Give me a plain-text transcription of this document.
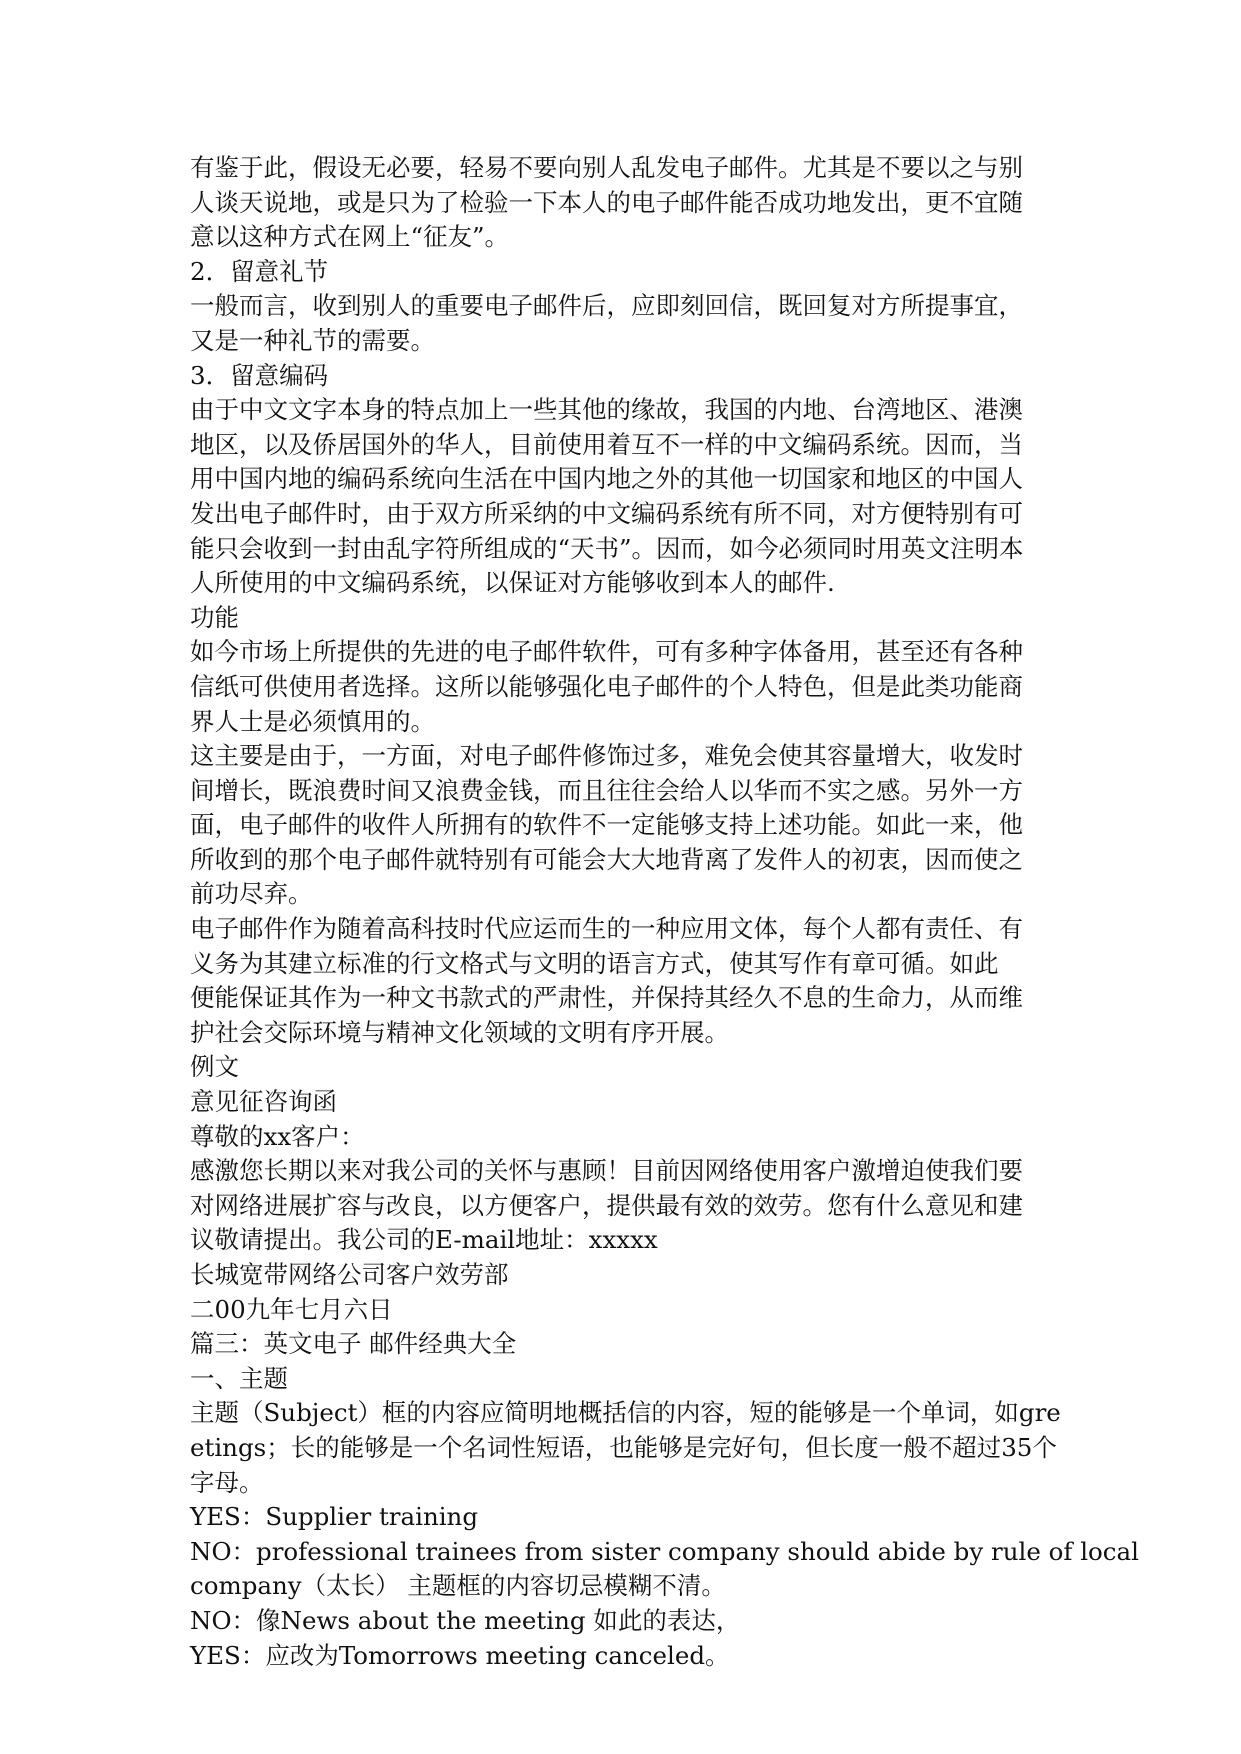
有鉴于此，假设无必要，轻易不要向别人乱发电子邮件。尤其是不要以之与别

人谈天说地，或是只为了检验一下本人的电子邮件能否成功地发出，更不宜随

意以这种方式在网上“征友”。

2．留意礼节

一般而言，收到别人的重要电子邮件后，应即刻回信，既回复对方所提事宜，

又是一种礼节的需要。

3．留意编码

由于中文文字本身的特点加上一些其他的缘故，我国的内地、台湾地区、港澳

地区，以及侨居国外的华人，目前使用着互不一样的中文编码系统。因而，当

用中国内地的编码系统向生活在中国内地之外的其他一切国家和地区的中国人

发出电子邮件时，由于双方所采纳的中文编码系统有所不同，对方便特别有可

能只会收到一封由乱字符所组成的“天书”。因而，如今必须同时用英文注明本

人所使用的中文编码系统，以保证对方能够收到本人的邮件.

功能

如今市场上所提供的先进的电子邮件软件，可有多种字体备用，甚至还有各种

信纸可供使用者选择。这所以能够强化电子邮件的个人特色，但是此类功能商

界人士是必须慎用的。

这主要是由于，一方面，对电子邮件修饰过多，难免会使其容量增大，收发时

间增长，既浪费时间又浪费金钱，而且往往会给人以华而不实之感。另外一方

面，电子邮件的收件人所拥有的软件不一定能够支持上述功能。如此一来，他

所收到的那个电子邮件就特别有可能会大大地背离了发件人的初衷，因而使之

前功尽弃。

电子邮件作为随着高科技时代应运而生的一种应用文体，每个人都有责任、有

义务为其建立标准的行文格式与文明的语言方式，使其写作有章可循。如此

便能保证其作为一种文书款式的严肃性，并保持其经久不息的生命力，从而维

护社会交际环境与精神文化领域的文明有序开展。

例文

意见征咨询函

尊敬的xx客户：

感激您长期以来对我公司的关怀与惠顾！目前因网络使用客户激增迫使我们要

对网络进展扩容与改良，以方便客户，提供最有效的效劳。您有什么意见和建

议敬请提出。我公司的E-mail地址：xxxxx

长城宽带网络公司客户效劳部

二00九年七月六日

篇三：英文电子 邮件经典大全

一、主题

主题（Subject）框的内容应简明地概括信的内容，短的能够是一个单词，如gre

etings；长的能够是一个名词性短语，也能够是完好句，但长度一般不超过35个

字母。

YES：Supplier training

NO：professional trainees from sister company should abide by rule of local

company（太长） 主题框的内容切忌模糊不清。

NO：像News about the meeting 如此的表达，

YES：应改为Tomorrows meeting canceled。
